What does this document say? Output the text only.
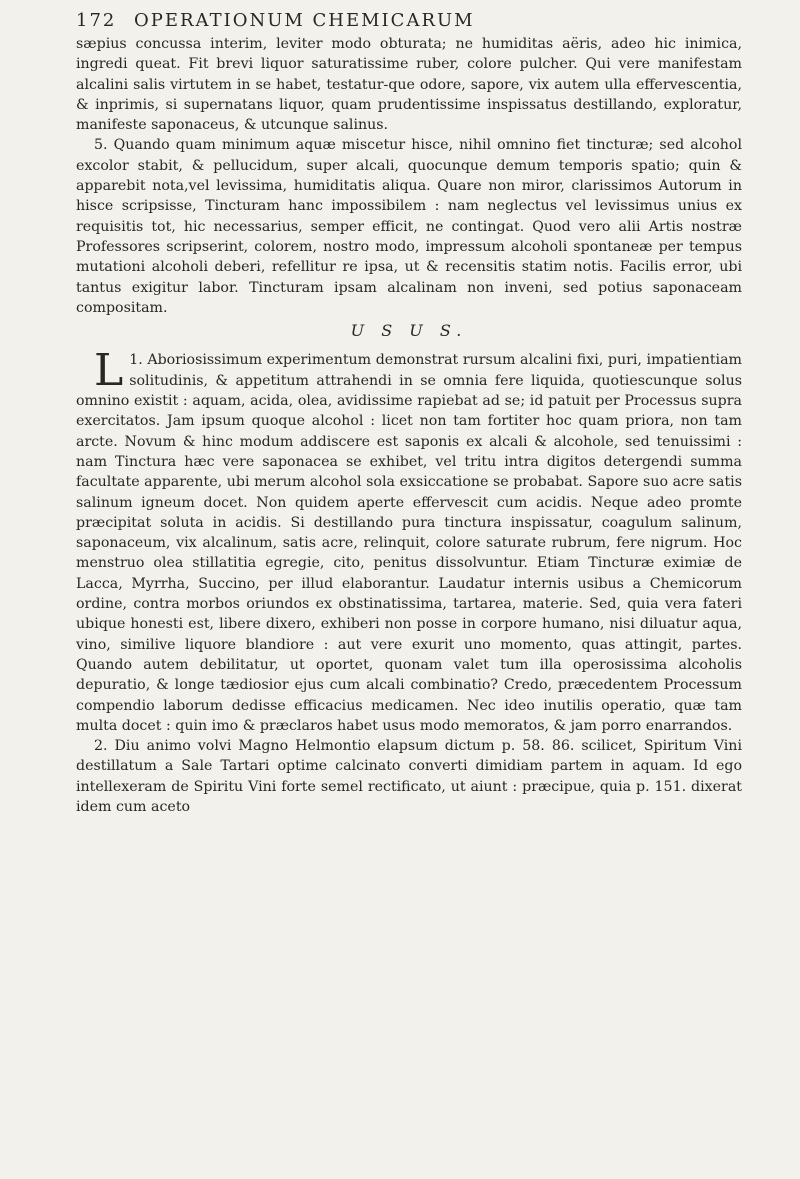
172 OPERATIONUM CHEMICARUM

sæpius concussa interim, leviter modo obturata; ne humiditas aëris, adeo hic inimica, ingredi queat. Fit brevi liquor saturatissime ruber, colore pulcher. Qui vere manifestam alcalini salis virtutem in se habet, testatur-que odore, sapore, vix autem ulla effervescentia, & inprimis, si supernatans liquor, quam prudentissime inspissatus destillando, exploratur, manifeste saponaceus, & utcunque salinus.

5. Quando quam minimum aquæ miscetur hisce, nihil omnino fiet tincturæ; sed alcohol excolor stabit, & pellucidum, super alcali, quocunque demum temporis spatio; quin & apparebit nota,vel levissima, humiditatis aliqua. Quare non miror, clarissimos Autorum in hisce scripsisse, Tincturam hanc impossibilem : nam neglectus vel levissimus unius ex requisitis tot, hic necessarius, semper efficit, ne contingat. Quod vero alii Artis nostræ Professores scripserint, colorem, nostro modo, impressum alcoholi spontaneæ per tempus mutationi alcoholi deberi, refellitur re ipsa, ut & recensitis statim notis. Facilis error, ubi tantus exigitur labor. Tincturam ipsam alcalinam non inveni, sed potius saponaceam compositam.

U S U S.

L 1. Aboriosissimum experimentum demonstrat rursum alcalini fixi, puri, impatientiam solitudinis, & appetitum attrahendi in se omnia fere liquida, quotiescunque solus omnino existit : aquam, acida, olea, avidissime rapiebat ad se; id patuit per Processus supra exercitatos. Jam ipsum quoque alcohol : licet non tam fortiter hoc quam priora, non tam arcte. Novum & hinc modum addiscere est saponis ex alcali & alcohole, sed tenuissimi : nam Tinctura hæc vere saponacea se exhibet, vel tritu intra digitos detergendi summa facultate apparente, ubi merum alcohol sola exsiccatione se probabat. Sapore suo acre satis salinum igneum docet. Non quidem aperte effervescit cum acidis. Neque adeo promte præcipitat soluta in acidis. Si destillando pura tinctura inspissatur, coagulum salinum, saponaceum, vix alcalinum, satis acre, relinquit, colore saturate rubrum, fere nigrum. Hoc menstruo olea stillatitia egregie, cito, penitus dissolvuntur. Etiam Tincturæ eximiæ de Lacca, Myrrha, Succino, per illud elaborantur. Laudatur internis usibus a Chemicorum ordine, contra morbos oriundos ex obstinatissima, tartarea, materie. Sed, quia vera fateri ubique honesti est, libere dixero, exhiberi non posse in corpore humano, nisi diluatur aqua, vino, similive liquore blandiore : aut vere exurit uno momento, quas attingit, partes. Quando autem debilitatur, ut oportet, quonam valet tum illa operosissima alcoholis depuratio, & longe tædiosior ejus cum alcali combinatio? Credo, præcedentem Processum compendio laborum dedisse efficacius medicamen. Nec ideo inutilis operatio, quæ tam multa docet : quin imo & præclaros habet usus modo memoratos, & jam porro enarrandos.

2. Diu animo volvi Magno Helmontio elapsum dictum p. 58. 86. scilicet, Spiritum Vini destillatum a Sale Tartari optime calcinato converti dimidiam partem in aquam. Id ego intellexeram de Spiritu Vini forte semel rectificato, ut aiunt : præcipue, quia p. 151. dixerat idem cum aceto
